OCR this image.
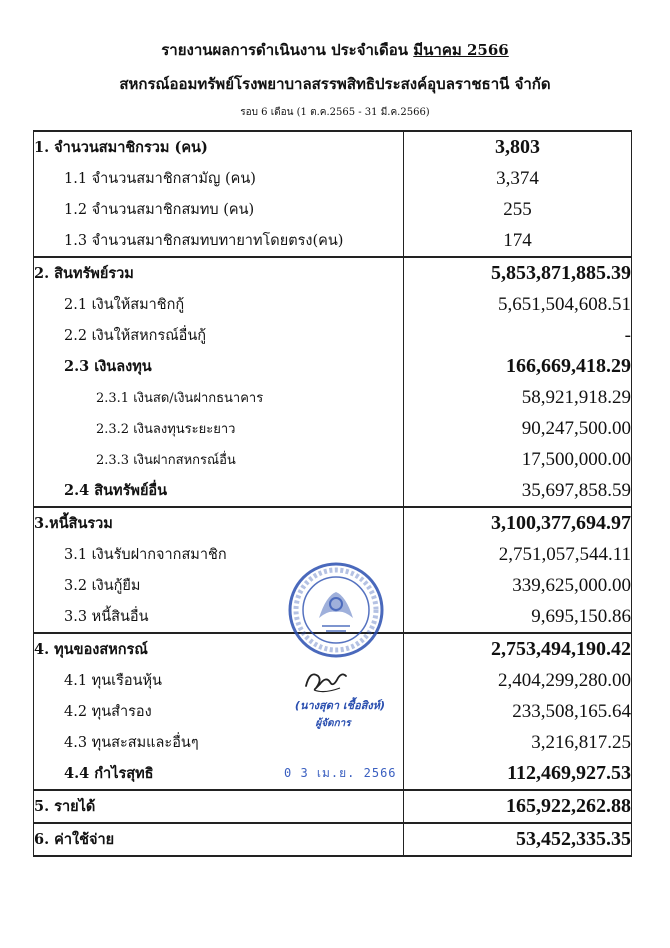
รายงานผลการดำเนินงาน ประจำเดือน มีนาคม 2566
สหกรณ์ออมทรัพย์โรงพยาบาลสรรพสิทธิประสงค์อุบลราชธานี จำกัด
รอบ 6 เดือน (1 ต.ค.2565 - 31 มี.ค.2566)
1. จำนวนสมาชิกรวม (คน)	3,803
1.1 จำนวนสมาชิกสามัญ (คน)	3,374
1.2 จำนวนสมาชิกสมทบ (คน)	255
1.3 จำนวนสมาชิกสมทบทายาทโดยตรง(คน)	174
2. สินทรัพย์รวม	5,853,871,885.39
2.1 เงินให้สมาชิกกู้	5,651,504,608.51
2.2 เงินให้สหกรณ์อื่นกู้	-
2.3 เงินลงทุน	166,669,418.29
2.3.1 เงินสด/เงินฝากธนาคาร	58,921,918.29
2.3.2 เงินลงทุนระยะยาว	90,247,500.00
2.3.3 เงินฝากสหกรณ์อื่น	17,500,000.00
2.4 สินทรัพย์อื่น	35,697,858.59
3.หนี้สินรวม	3,100,377,694.97
3.1 เงินรับฝากจากสมาชิก	2,751,057,544.11
3.2 เงินกู้ยืม	339,625,000.00
3.3 หนี้สินอื่น	9,695,150.86
4. ทุนของสหกรณ์	2,753,494,190.42
4.1 ทุนเรือนหุ้น	2,404,299,280.00
4.2 ทุนสำรอง	233,508,165.64
4.3 ทุนสะสมและอื่นๆ	3,216,817.25
4.4 กำไรสุทธิ	112,469,927.53
5. รายได้	165,922,262.88
6. ค่าใช้จ่าย	53,452,335.35
(นางสุดา เชื้อสิงห์)
ผู้จัดการ
0 3 เม.ย. 2566
